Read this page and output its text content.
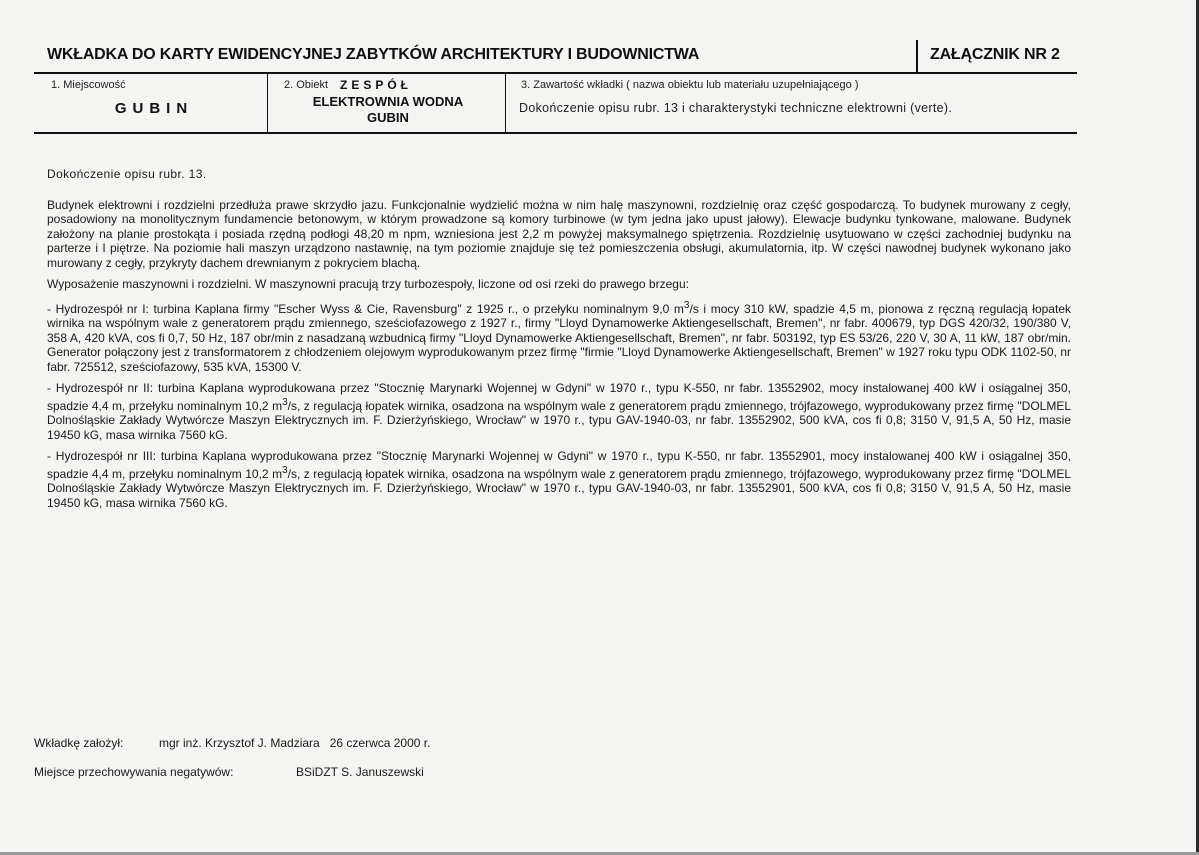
WKŁADKA DO KARTY EWIDENCYJNEJ ZABYTKÓW ARCHITEKTURY I BUDOWNICTWA	ZAŁĄCZNIK NR 2
1. Miejscowość
GUBIN
2. Obiekt ZESPÓŁ
ELEKTROWNIA WODNA
GUBIN
3. Zawartość wkładki ( nazwa obiektu lub materiału uzupełniającego )
Dokończenie opisu rubr. 13 i charakterystyki techniczne elektrowni (verte).

Dokończenie opisu rubr. 13.

Budynek elektrowni i rozdzielni przedłuża prawe skrzydło jazu. Funkcjonalnie wydzielić można w nim halę maszynowni, rozdzielnię oraz część gospodarczą. To budynek murowany z cegły, posadowiony na monolitycznym fundamencie betonowym, w którym prowadzone są komory turbinowe (w tym jedna jako upust jałowy). Elewacje budynku tynkowane, malowane. Budynek założony na planie prostokąta i posiada rzędną podłogi 48,20 m npm, wzniesiona jest 2,2 m powyżej maksymalnego spiętrzenia. Rozdzielnię usytuowano w części zachodniej budynku na parterze i I piętrze. Na poziomie hali maszyn urządzono nastawnię, na tym poziomie znajduje się też pomieszczenia obsługi, akumulatornia, itp. W części nawodnej budynek wykonano jako murowany z cegły, przykryty dachem drewnianym z pokryciem blachą.

Wyposażenie maszynowni i rozdzielni. W maszynowni pracują trzy turbozespoły, liczone od osi rzeki do prawego brzegu:

- Hydrozespół nr I: turbina Kaplana firmy "Escher Wyss & Cie, Ravensburg" z 1925 r., o przełyku nominalnym 9,0 $m^3/s$ i mocy 310 kW, spadzie 4,5 m, pionowa z ręczną regulacją łopatek wirnika na wspólnym wale z generatorem prądu zmiennego, sześciofazowego z 1927 r., firmy "Lloyd Dynamowerke Aktiengesellschaft, Bremen", nr fabr. 400679, typ DGS 420/32, 190/380 V, 358 A, 420 kVA, cos fi 0,7, 50 Hz, 187 obr/min z nasadzaną wzbudnicą firmy "Lloyd Dynamowerke Aktiengesellschaft, Bremen", nr fabr. 503192, typ ES 53/26, 220 V, 30 A, 11 kW, 187 obr/min. Generator połączony jest z transformatorem z chłodzeniem olejowym wyprodukowanym przez firmę "firmie "Lloyd Dynamowerke Aktiengesellschaft, Bremen" w 1927 roku typu ODK 1102-50, nr fabr. 725512, sześciofazowy, 535 kVA, 15300 V.

- Hydrozespół nr II: turbina Kaplana wyprodukowana przez "Stocznię Marynarki Wojennej w Gdyni" w 1970 r., typu K-550, nr fabr. 13552902, mocy instalowanej 400 kW i osiągalnej 350, spadzie 4,4 m, przełyku nominalnym 10,2 $m^3/s$, z regulacją łopatek wirnika, osadzona na wspólnym wale z generatorem prądu zmiennego, trójfazowego, wyprodukowany przez firmę "DOLMEL Dolnośląskie Zakłady Wytwórcze Maszyn Elektrycznych im. F. Dzierżyńskiego, Wrocław" w 1970 r., typu GAV-1940-03, nr fabr. 13552902, 500 kVA, cos fi 0,8; 3150 V, 91,5 A, 50 Hz, masie 19450 kG, masa wirnika 7560 kG.

- Hydrozespół nr III: turbina Kaplana wyprodukowana przez "Stocznię Marynarki Wojennej w Gdyni" w 1970 r., typu K-550, nr fabr. 13552901, mocy instalowanej 400 kW i osiągalnej 350, spadzie 4,4 m, przełyku nominalnym 10,2 $m^3/s$, z regulacją łopatek wirnika, osadzona na wspólnym wale z generatorem prądu zmiennego, trójfazowego, wyprodukowany przez firmę "DOLMEL Dolnośląskie Zakłady Wytwórcze Maszyn Elektrycznych im. F. Dzierżyńskiego, Wrocław" w 1970 r., typu GAV-1940-03, nr fabr. 13552901, 500 kVA, cos fi 0,8; 3150 V, 91,5 A, 50 Hz, masie 19450 kG, masa wirnika 7560 kG.

Wkładkę założył:	mgr inż. Krzysztof J. Madziara 26 czerwca 2000 r.
Miejsce przechowywania negatywów:	BSiDZT S. Januszewski
